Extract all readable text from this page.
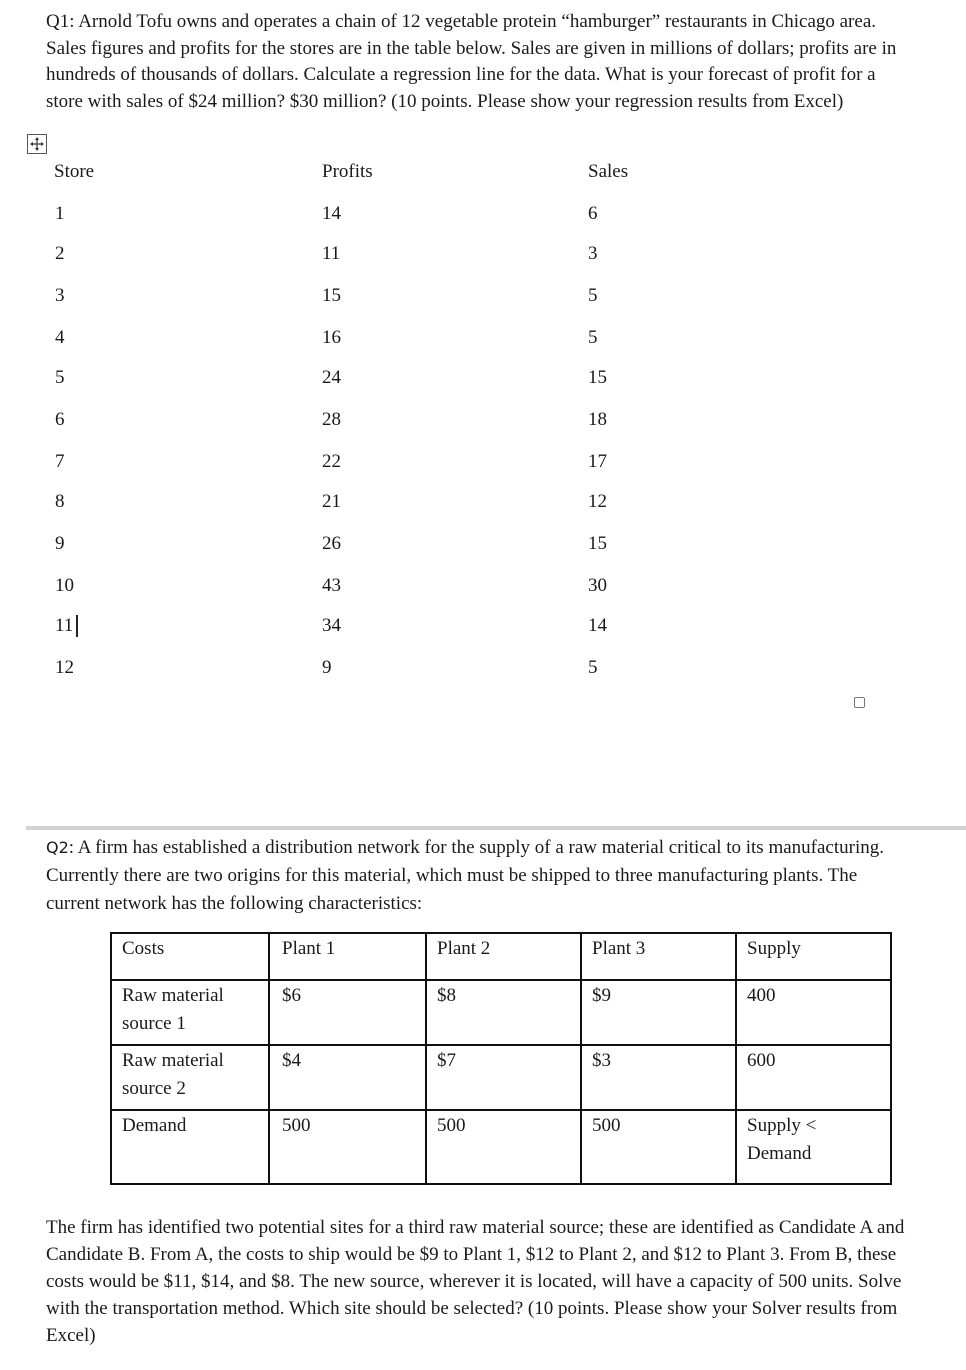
Q1: Arnold Tofu owns and operates a chain of 12 vegetable protein “hamburger” restaurants in Chicago area. Sales figures and profits for the stores are in the table below. Sales are given in millions of dollars; profits are in hundreds of thousands of dollars. Calculate a regression line for the data. What is your forecast of profit for a store with sales of $24 million? $30 million? (10 points. Please show your regression results from Excel)

Store	Profits	Sales
1	14	6
2	11	3
3	15	5
4	16	5
5	24	15
6	28	18
7	22	17
8	21	12
9	26	15
10	43	30
11	34	14
12	9	5

Q2: A firm has established a distribution network for the supply of a raw material critical to its manufacturing. Currently there are two origins for this material, which must be shipped to three manufacturing plants. The current network has the following characteristics:

Costs	Plant 1	Plant 2	Plant 3	Supply
Raw material source 1	$6	$8	$9	400
Raw material source 2	$4	$7	$3	600
Demand	500	500	500	Supply < Demand

The firm has identified two potential sites for a third raw material source; these are identified as Candidate A and Candidate B. From A, the costs to ship would be $9 to Plant 1, $12 to Plant 2, and $12 to Plant 3. From B, these costs would be $11, $14, and $8. The new source, wherever it is located, will have a capacity of 500 units. Solve with the transportation method. Which site should be selected? (10 points. Please show your Solver results from Excel)
